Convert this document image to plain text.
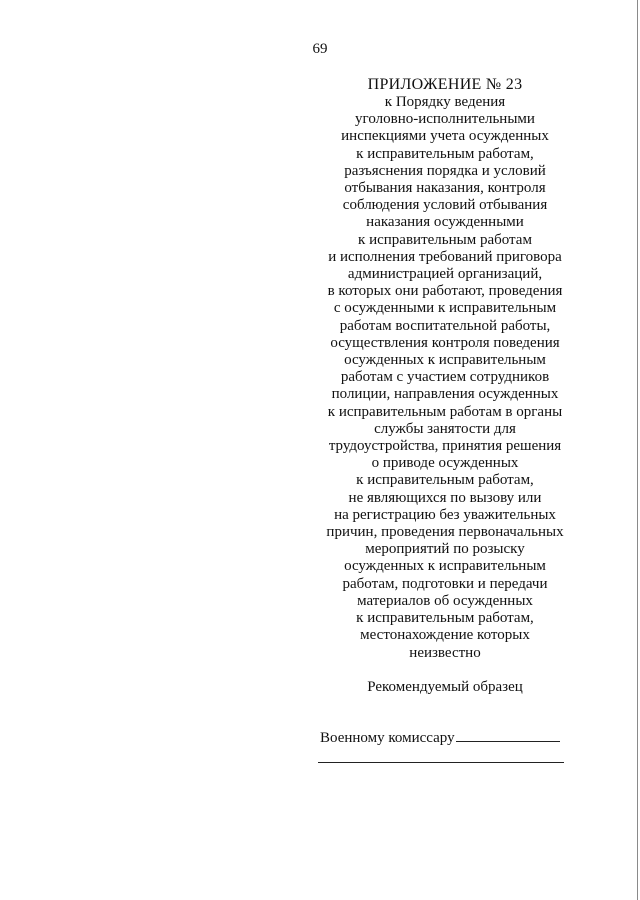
69
ПРИЛОЖЕНИЕ № 23
к Порядку ведения
уголовно-исполнительными
инспекциями учета осужденных
к исправительным работам,
разъяснения порядка и условий
отбывания наказания, контроля
соблюдения условий отбывания
наказания осужденными
к исправительным работам
и исполнения требований приговора
администрацией организаций,
в которых они работают, проведения
с осужденными к исправительным
работам воспитательной работы,
осуществления контроля поведения
осужденных к исправительным
работам с участием сотрудников
полиции, направления осужденных
к исправительным работам в органы
службы занятости для
трудоустройства, принятия решения
о приводе осужденных
к исправительным работам,
не являющихся по вызову или
на регистрацию без уважительных
причин, проведения первоначальных
мероприятий по розыску
осужденных к исправительным
работам, подготовки и передачи
материалов об осужденных
к исправительным работам,
местонахождение которых
неизвестно
Рекомендуемый образец
Военному комиссару
